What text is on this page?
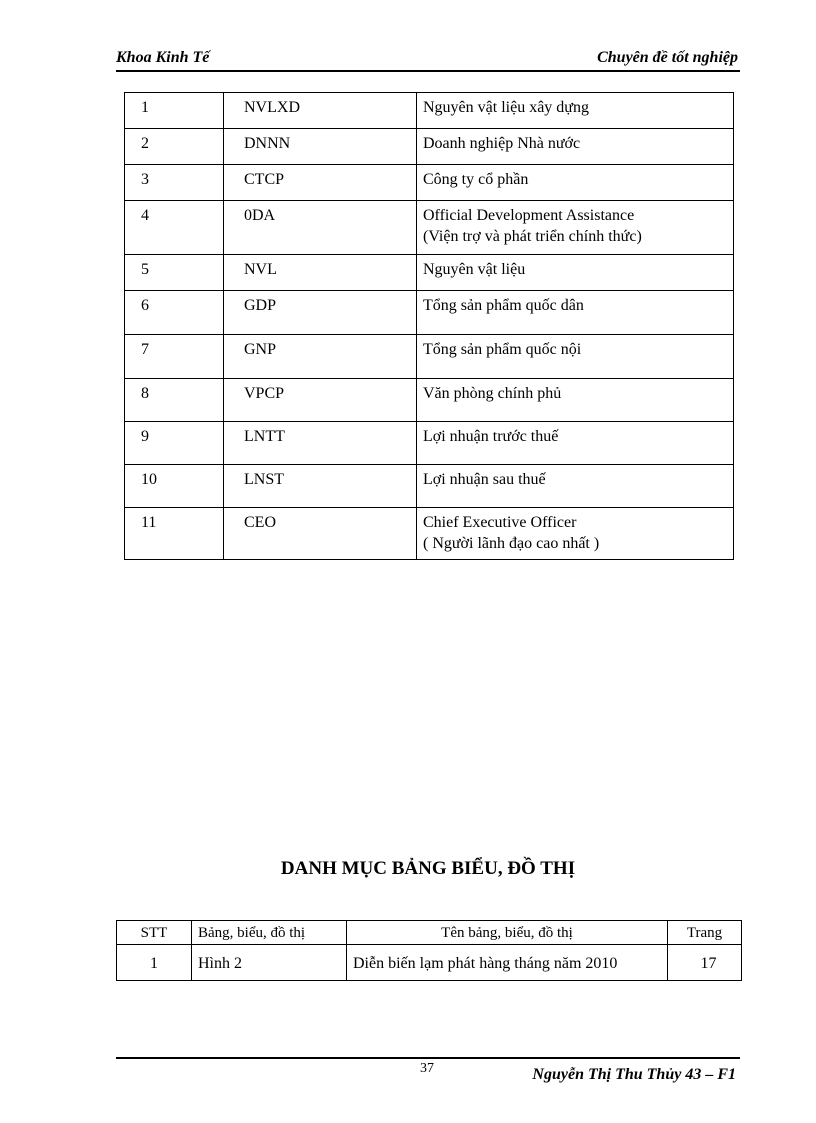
Khoa Kinh Tế	Chuyên đề tốt nghiệp
1	NVLXD	Nguyên vật liệu xây dựng

2	DNNN	Doanh nghiệp Nhà nước

3	CTCP	Công ty cổ phần

4	0DA	Official Development Assistance
(Viện trợ và phát triển chính thức)

5	NVL	Nguyên vật liệu

6	GDP	Tổng sản phẩm quốc dân

7	GNP	Tổng sản phẩm quốc nội

8	VPCP	Văn phòng chính phủ

9	LNTT	Lợi nhuận trước thuế

10	LNST	Lợi nhuận sau thuế

11	CEO	Chief Executive Officer
( Người lãnh đạo cao nhất )
DANH MỤC BẢNG BIỂU, ĐỒ THỊ
STT	Bảng, biểu, đồ thị	Tên bảng, biểu, đồ thị	Trang
1	Hình 2	Diễn biến lạm phát hàng tháng năm 2010	17
37	Nguyễn Thị Thu Thủy 43 – F1
